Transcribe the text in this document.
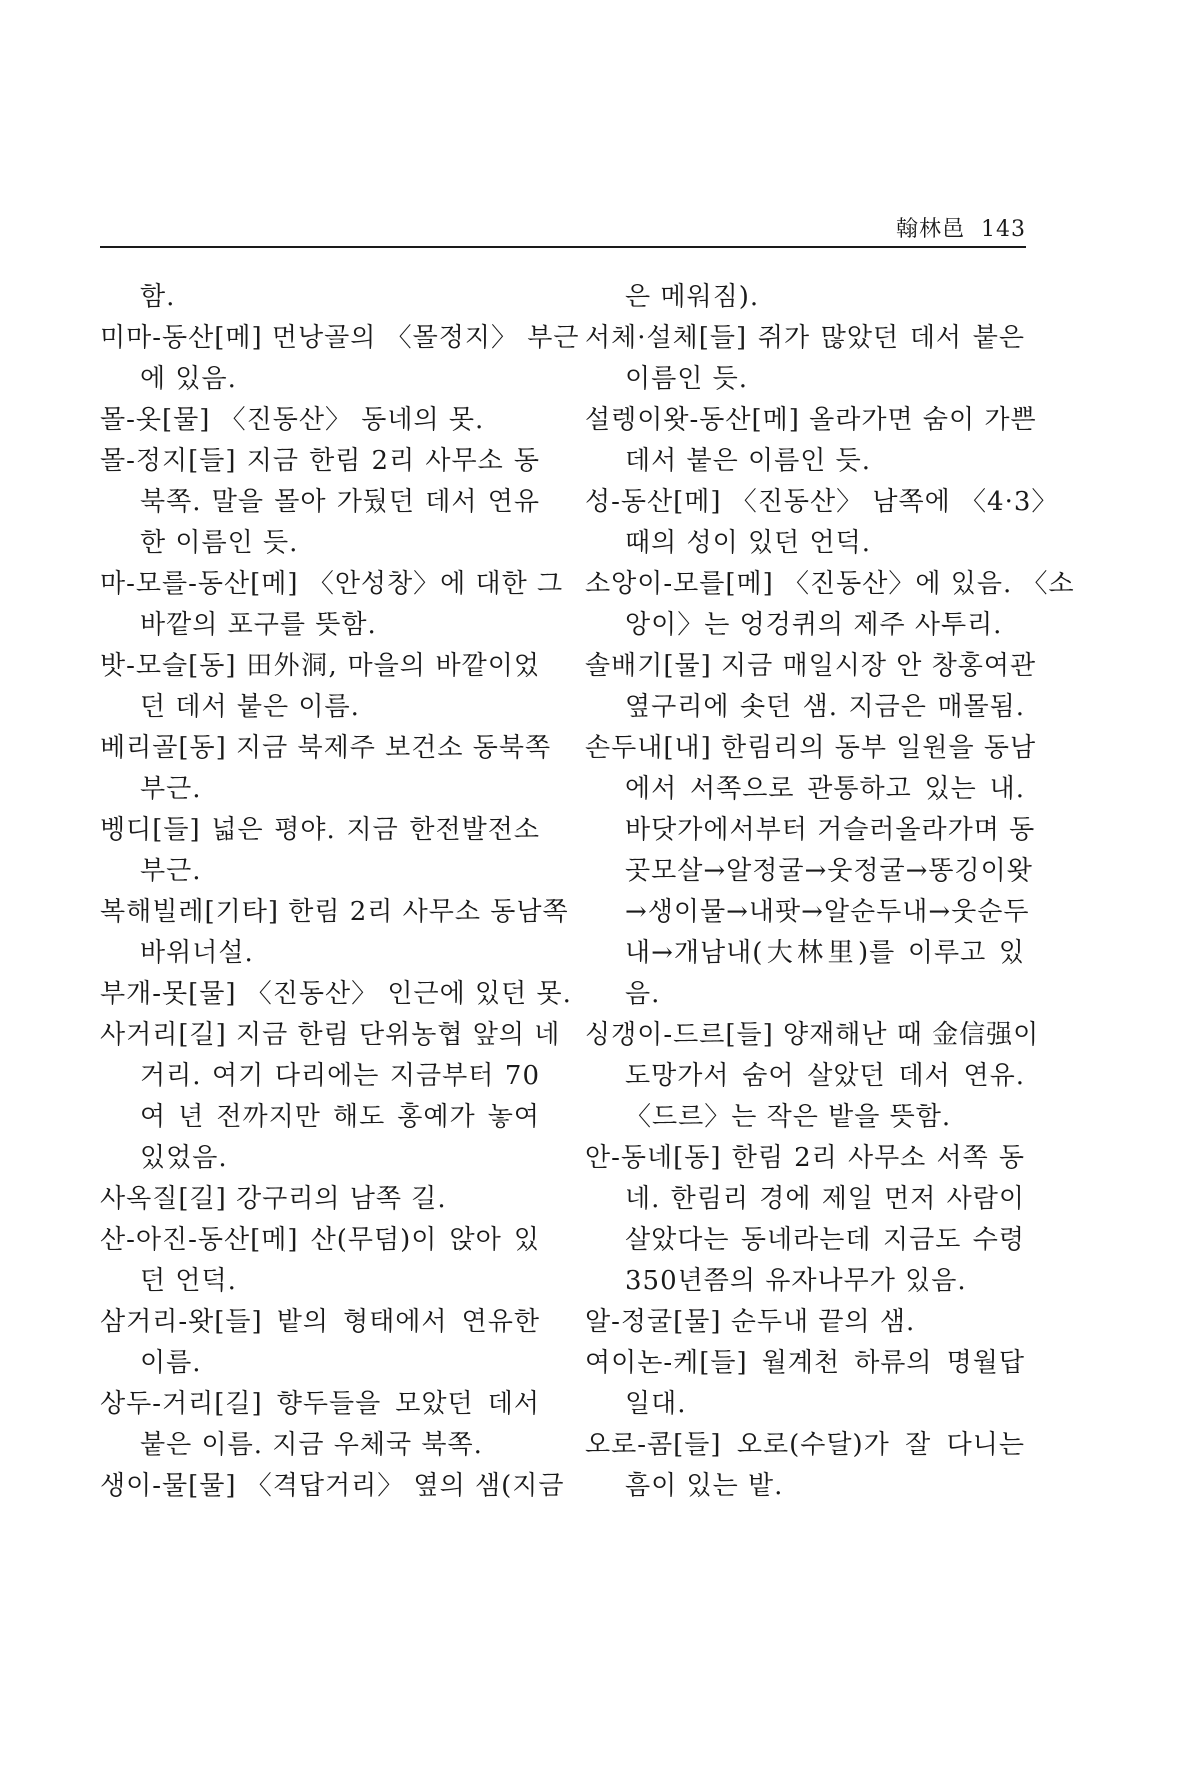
翰林邑 143
함.
미마-동산[메] 먼낭골의 〈몰정지〉 부근
에 있음.
몰-옷[물] 〈진동산〉 동네의 못.
몰-정지[들] 지금 한림 2리 사무소 동
북쪽. 말을 몰아 가뒀던 데서 연유
한 이름인 듯.
마-모를-동산[메] 〈안성창〉에 대한 그
바깥의 포구를 뜻함.
밧-모슬[동] 田外洞, 마을의 바깥이었
던 데서 붙은 이름.
베리골[동] 지금 북제주 보건소 동북쪽
부근.
벵디[들] 넓은 평야. 지금 한전발전소
부근.
복해빌레[기타] 한림 2리 사무소 동남쪽
바위너설.
부개-못[물] 〈진동산〉 인근에 있던 못.
사거리[길] 지금 한림 단위농협 앞의 네
거리. 여기 다리에는 지금부터 70
여 년 전까지만 해도 홍예가 놓여
있었음.
사옥질[길] 강구리의 남쪽 길.
산-아진-동산[메] 산(무덤)이 앉아 있
던 언덕.
삼거리-왓[들] 밭의 형태에서 연유한
이름.
상두-거리[길] 향두들을 모았던 데서
붙은 이름. 지금 우체국 북쪽.
생이-물[물] 〈격답거리〉 옆의 샘(지금
은 메워짐).
서체·설체[들] 쥐가 많았던 데서 붙은
이름인 듯.
설렝이왓-동산[메] 올라가면 숨이 가쁜
데서 붙은 이름인 듯.
성-동산[메] 〈진동산〉 남쪽에 〈4·3〉
때의 성이 있던 언덕.
소앙이-모를[메] 〈진동산〉에 있음. 〈소
앙이〉는 엉겅퀴의 제주 사투리.
솔배기[물] 지금 매일시장 안 창홍여관
옆구리에 솟던 샘. 지금은 매몰됨.
손두내[내] 한림리의 동부 일원을 동남
에서 서쪽으로 관통하고 있는 내.
바닷가에서부터 거슬러올라가며 동
곳모살→알정굴→웃정굴→똥깅이왓
→생이물→내팟→알순두내→웃순두
내→개남내(大林里)를 이루고 있
음.
싱갱이-드르[들] 양재해난 때 金信强이
도망가서 숨어 살았던 데서 연유.
〈드르〉는 작은 밭을 뜻함.
안-동네[동] 한림 2리 사무소 서쪽 동
네. 한림리 경에 제일 먼저 사람이
살았다는 동네라는데 지금도 수령
350년쯤의 유자나무가 있음.
알-정굴[물] 순두내 끝의 샘.
여이논-케[들] 월계천 하류의 명월답
일대.
오로-콤[들] 오로(수달)가 잘 다니는
흠이 있는 밭.
